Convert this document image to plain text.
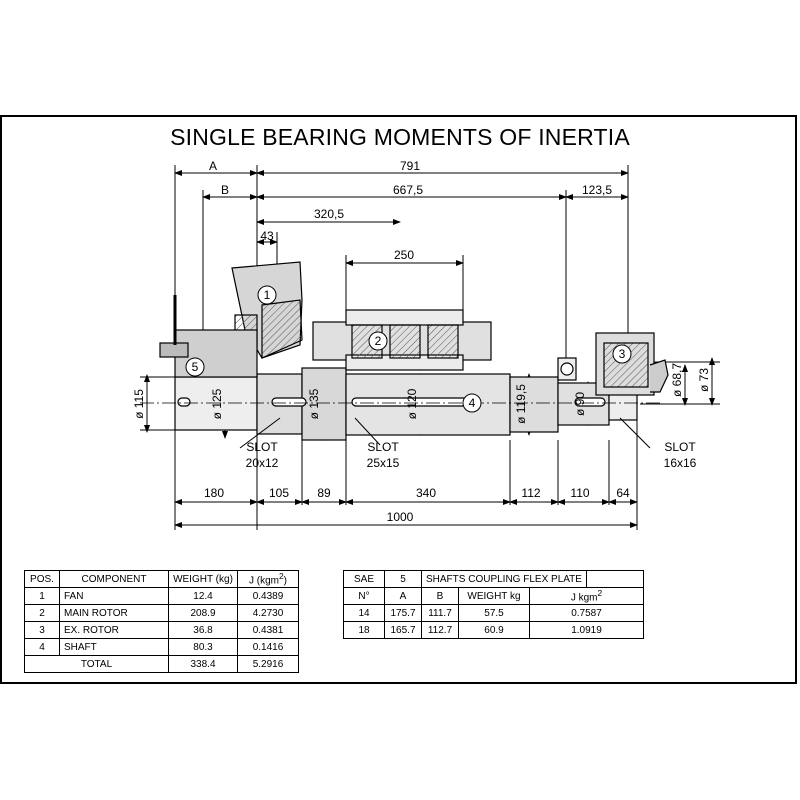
SINGLE BEARING MOMENTS OF INERTIA
1
2
3
4
5
A	791
B	667,5	123,5
320,5
43
250
ø 115	ø 125	ø 135	ø 120	ø 119,5	ø 90
ø 68,7 ø 73
SLOT
20x12
SLOT
25x15
SLOT
16x16
180	105 89	340	112 110 64
1000
POS.	COMPONENT	WEIGHT (kg)	J (kgm$^2$)
1	FAN	12.4	0.4389
2	MAIN ROTOR	208.9	4.2730
3	EX. ROTOR	36.8	0.4381
4	SHAFT	80.3	0.1416
TOTAL		338.4	5.2916
SAE	5	SHAFTS COUPLING FLEX PLATE			
N°	A	B	WEIGHT kg	J kgm$^2$
14	175.7	111.7	57.5	0.7587	
18	165.7	112.7	60.9	1.0919	
